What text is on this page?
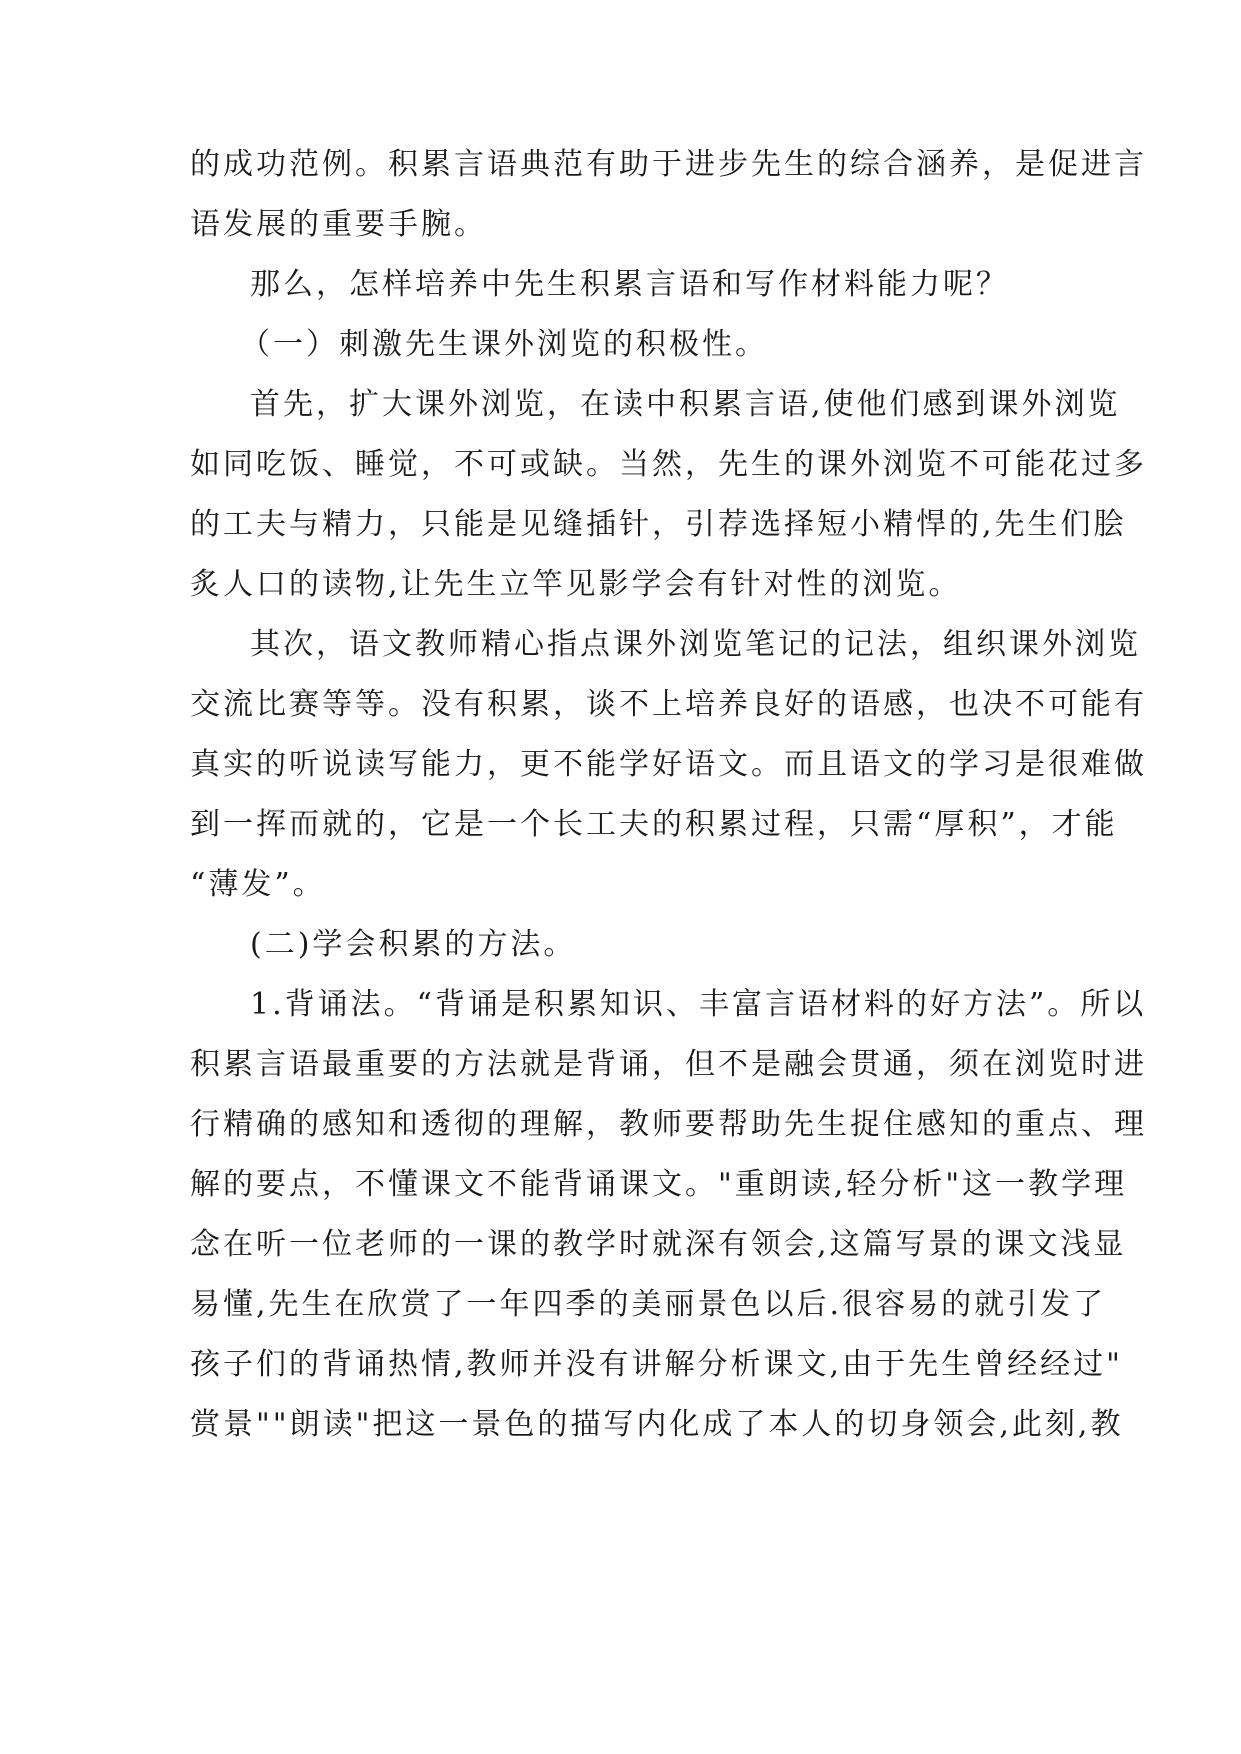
的成功范例。积累言语典范有助于进步先生的综合涵养，是促进言
语发展的重要手腕。
那么，怎样培养中先生积累言语和写作材料能力呢？
（一）刺激先生课外浏览的积极性。
首先，扩大课外浏览，在读中积累言语,使他们感到课外浏览
如同吃饭、睡觉，不可或缺。当然，先生的课外浏览不可能花过多
的工夫与精力，只能是见缝插针，引荐选择短小精悍的,先生们脍
炙人口的读物,让先生立竿见影学会有针对性的浏览。
其次，语文教师精心指点课外浏览笔记的记法，组织课外浏览
交流比赛等等。没有积累，谈不上培养良好的语感，也决不可能有
真实的听说读写能力，更不能学好语文。而且语文的学习是很难做
到一挥而就的，它是一个长工夫的积累过程，只需“厚积”，才能
“薄发”。
(二)学会积累的方法。
1.背诵法。“背诵是积累知识、丰富言语材料的好方法”。所以
积累言语最重要的方法就是背诵，但不是融会贯通，须在浏览时进
行精确的感知和透彻的理解，教师要帮助先生捉住感知的重点、理
解的要点，不懂课文不能背诵课文。"重朗读,轻分析"这一教学理
念在听一位老师的一课的教学时就深有领会,这篇写景的课文浅显
易懂,先生在欣赏了一年四季的美丽景色以后.很容易的就引发了
孩子们的背诵热情,教师并没有讲解分析课文,由于先生曾经经过"
赏景""朗读"把这一景色的描写内化成了本人的切身领会,此刻,教
